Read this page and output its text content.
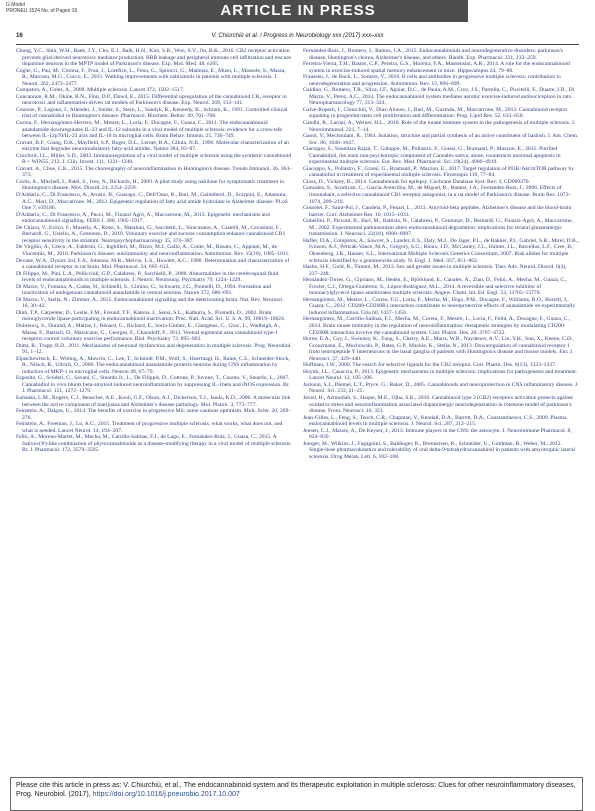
G Model
PRONEU 1524 No. of Pages 19	ARTICLE IN PRESS
V. Chiurchiù et al. / Progress in Neurobiology xxx (2017) xxx–xxx
16

Chung, Y.C., Shin, W.H., Baek, J.Y., Cho, E.J., Baik, H.H., Kim, S.R., Won, S.Y., Jin, B.K., 2016. CB2 receptor activation prevents glial-derived neurotoxic mediator production, BBB leakage and peripheral immune cell infiltration and rescues dopamine neurons in the MPTP model of Parkinson's disease. Exp. Mol. Med. 48, e205.

Coghe, G., Pau, M., Corona, F., Frau, J., Lorefice, L., Fenu, G., Spinicci, G., Mamusa, E., Musu, L., Massole, S., Massa, R., Marrosu, M.G., Cocco, E., 2015. Walking improvements with nabiximols in patients with multiple sclerosis. J. Neurol. 262, 2472–2477.

Compston, A., Coles, A., 2008. Multiple sclerosis. Lancet 372, 1502–1517.

Concannon, R.M., Okine, B.N., Finn, D.P., Dowd, E., 2015. Differential upregulation of the cannabinoid CB₂ receptor in neurotoxic and inflammation-driven rat models of Parkinson's disease. Exp. Neurol. 269, 133–141.

Consroe, P., Laguna, J., Allender, J., Snider, S., Stern, L., Sandyk, R., Kennedy, K., Schram, K., 1991. Controlled clinical trial of cannabidiol in Huntington's disease. Pharmacol. Biochem. Behav. 40, 701–708.

Correa, F., Hernangómez-Herrero, M., Mestre, L., Loría, F., Docagne, F., Guaza, C., 2011. The endocannabinoid anandamide downregulates IL-23 and IL-12 subunits in a viral model of multiple sclerosis: evidence for a cross-talk between IL-12p70/IL-23 axis and IL-10 in microglial cells. Brain Behav. Immun. 25, 736–749.

Cravatt, B.F., Giang, D.K., Mayfield, S.P., Boger, D.L., Lerner, R.A., Gilula, N.B., 1996. Molecular characterization of an enzyme that degrades neuromodulatory fatty-acid amides. Nature 384, 83–87.

Croxford, J.L., Miller, S.D., 2003. Immunoregulation of a viral model of multiple sclerosis using the synthetic cannabinoid R + WIN55, 212. J. Clin. Invest. 111, 1231–1240.

Cravatt, A., Choe, C.K., 2015. The choreography of neuroinflammation in Huntington's disease. Trends Immunol. 36, 364–373.

Curtis, A., Mitchell, I., Patel, S., Ives, N., Rickards, H., 2009. A pilot study using nabilone for symptomatic treatment in Huntington's disease. Mov. Disord. 24, 2254–2259.

D'Addario, C., Di Francesco, A., Arosio, B., Gussago, C., Dell'Osso, B., Bari, M., Galimberti, D., Scarpini, E., Altamura, A.C., Mari, D., Maccarrone, M., 2012. Epigenetic regulation of fatty acid amide hydrolase in Alzheimer disease. PLoS One 7, e39186.

D'Addario, C., Di Francesco, A., Pucci, M., Finazzi Agrò, A., Maccarrone, M., 2013. Epigenetic mechanisms and endocannabinoid signalling. FEBS J. 280, 1905–1917.

De Chiara, V., Errico, F., Musella, A., Rossi, S., Mataluni, G., Sacchetti, L., Siracusano, A., Castelli, M., Cavasinni, F., Bernardi, G., Usiello, A., Centonze, D., 2010. Voluntary exercise and sucrose consumption enhance cannabinoid CB1 receptor sensitivity in the striatum. Neuropsychopharmacology 35, 374–387.

De Virgilio, A., Greco, A., Fabbrini, G., Inghilleri, M., Rizzo, M.I., Gallo, A., Conte, M., Rosato, C., Appiani, M., de Vincentiis, M., 2016. Parkinson's disease: autoimmunity and neuroinflammation. Autoimmun. Rev. 15(10), 1005–1011.

Devane, W.A., Dysarz 3rd, F.A., Johnson, M.R., Melvin, L.S., Howlett, A.C., 1988. Determination and characterization of a cannabinoid receptor in rat brain. Mol. Pharmacol. 34, 605–613.

Di Filippo, M., Pini, L.A., Pelliccioli, G.P., Calabresi, P., Sarchielli, P., 2008. Abnormalities in the cerebrospinal fluid levels of endocannabinoids in multiple sclerosis. J. Neurol. Neurosurg. Psychiatry 79, 1224–1229.

Di Marzo, V., Fontana, A., Cadas, H., Schinelli, S., Cimino, G., Schwartz, J.C., Piomelli, D., 1994. Formation and inactivation of endogenous cannabinoid anandamide in central neurons. Nature 372, 686–691.

Di Marzo, V., Stella, N., Zimmer, A., 2015. Endocannabinoid signalling and the deteriorating brain. Nat. Rev. Neurosci. 16, 30–42.

Dinh, T.P., Carpenter, D., Leslie, F.M., Freund, T.F., Katona, I., Sensi, S.L., Kathuria, S., Piomelli, D., 2002. Brain monoglyceride lipase participating in endocannabinoid inactivation. Proc. Natl. Acad. Sci. U. S. A. 99, 10819–10824.

Dubreucq, S., Durand, A., Matias, I., Bénard, G., Richard, E., Soria-Gomez, E., Glangetas, C., Groc, L., Wadleigh, A., Massa, F., Bartsch, D., Marsicano, G., Georges, F., Chaouloff, F., 2013. Ventral tegmental area cannabinoid type-1 receptors control voluntary exercise performance. Biol. Psychiatry 73, 895–903.

Dutta, R., Trapp, B.D., 2011. Mechanisms of neuronal dysfunction and degeneration in multiple sclerosis. Prog. Neurobiol. 93, 1–12.

Eljaschewitsch, E., Witting, A., Mawrin, C., Lee, T., Schmidt, P.M., Wolf, S., Hoertnagl, H., Raine, C.S., Schneider-Stock, R., Nitsch, R., Ullrich, O., 2006. The endocannabinoid anandamide protects neurons during CNS inflammation by induction of MKP-1 in microglial cells. Neuron 49, 67–79.

Esposito, G., Scuderi, C., Savani, C., Steardo Jr., L., De Filippis, D., Cottone, P., Iuvone, T., Cuomo, V., Steardo, L., 2007. Cannabidiol in vivo blunts beta-amyloid induced neuroinflammation by suppressing IL-1beta and iNOS expression. Br. J. Pharmacol. 151, 1272–1279.

Eubanks, L.M., Rogers, C.J., Beuscher, A.E., Koob, G.F., Olson, A.J., Dickerson, T.J., Janda, K.D., 2006. A molecular link between the active component of marijuana and Alzheimer's disease pathology. Mol. Pharm. 3, 773–777.

Feinstein, A., Dalgas, U., 2014. The benefits of exercise in progressive MS: some cautious optimism. Mult. Scler. 20, 269–270.

Feinstein, A., Freeman, J., Lo, A.C., 2015. Treatment of progressive multiple sclerosis: what works, what does not, and what is needed. Lancet Neurol. 14, 194–207.

Fellö, A., Moreno-Martet, M., Mecha, M., Carrillo-Salinas, F.J., de Lago, E., Fernández-Ruiz, J., Guaza, C., 2015. A Sativex(®)-like combination of phytocannabinoids as a disease-modifying therapy in a viral model of multiple sclerosis. Br. J. Pharmacol. 172, 3579–3595.

Fernández-Ruiz, J., Romero, J., Ramos, J.A., 2015. Endocannabinoids and neurodegenerative disorders: parkinson's disease, Huntington's chorea, Alzheimer's disease, and others. Handb. Exp. Pharmacol. 231, 233–259.

Ferreira-Vieira, T.H., Bastos, C.P., Pereira, G.S., Moreira, F.A., Massensini, A.R., 2014. A role for the endocannabinoid system in exercise-induced spatial memory enhancement in mice. Hippocampus 24, 79–88.

Fraussen, J., de Bock, L., Somers, V., 2016. B cells and antibodies in progressive multiple sclerosis: contribution to neurodegeneration and progression. Autoimmun. Rev. 15, 896–899.

Galdino, G., Romero, T.R., Silva, J.F., Aguiar, D.C., de Paula, A.M., Cruz, J.S., Parrella, C., Piscitelli, F., Duarte, I.D., Di Marzo, V., Perez, A.C., 2014. The endocannabinoid system mediates aerobic exercise-induced antinociception in rats. Neuropharmacology 77, 313–324.

Galve-Roperh, I., Chiurchiù, V., Díaz-Alonso, J., Bari, M., Guzmán, M., Maccarrone, M., 2013. Cannabinoid receptor signaling in progenitor/stem cell proliferation and differentiation. Prog. Lipid Res. 52, 633–650.

Gandhi, R., Laroni, A., Weiner, H.L., 2010. Role of the innate immune system in the pathogenesis of multiple sclerosis. J. Neuroimmunol. 221, 7–14.

Gaoni, Y., Mechoulam, R., 1964. Isolation, structure and partial synthesis of an active constituent of hashish. J. Am. Chem. Soc. 86, 1646–1647.

Giacoppo, S., Soundara Rajan, T., Galuppo, M., Pollastro, F., Grassi, G., Bramanti, P., Mazzon, E., 2015. Purified Cannabidiol, the main non-psychotropic component of Cannabis sativa, alone, counteracts neuronal apoptosis in experimental multiple sclerosis. Eur. Rev. Med. Pharmacol. Sci. 19(24), 4906–4919.

Giacoppo, S., Pollastro, F., Grassi, G., Bramanti, P., Mazzon, E., 2017. Target regulation of PI3K/Akt/mTOR pathway by cannabidiol in treatment of experimental multiple sclerosis. Fitoterapia 116, 77–84.

Gloss, D., Vickrey, B., 2014. Cannabinoids for epilepsy. Cochrane Database Syst. Rev. 3, CD009270.

Gonzalez, S., Scorticati, C., García-Arencibia, M., de Miguel, R., Ramos, J.A., Fernández-Ruiz, J., 2006. Effects of rimonabant, a selective cannabinoid CB1 receptor antagonist, in a rat model of Parkinson's disease. Brain Res. 1073–1074, 209–219.

Gosselet, F., Saint-Pol, J., Candela, P., Fenart, L., 2013. Amyloid-beta peptides, Alzheimer's disease and the blood-brain barrier. Curr. Alzheimer Res. 10, 1015–1033.

Gubellini, P., Picconi, B., Bari, M., Battista, N., Calabresi, P., Centonze, D., Bernardi, G., Finazzi-Agrò, A., Maccarrone, M., 2002. Experimental parkinsonism alters endocannabinoid degradation: implications for striatal glutamatergic transmission. J. Neurosci. 22(16), 6900–6907.

Hafler, D.A., Compston, A., Sawcer, S., Lander, E.S., Daly, M.J., De Jager, P.L., de Bakker, P.I., Gabriel, S.B., Mirel, D.B., Ivinson, A.J., Pericak-Vance, M.A., Gregory, S.G., Rioux, J.D., McCauley, J.L., Haines, J.L., Barcellos, L.F., Cree, B., Oksenberg, J.R., Hauser, S.L., International Multiple Sclerosis Genetics Consortium, 2007. Risk alleles for multiple sclerosis identified by a genomewide study. N. Engl. J. Med. 357, 851–862.

Hasbo, H.F., Gold, R., Tintoré, M., 2013. Sex and gender issues in multiple sclerosis. Ther. Adv. Neurol. Disord. 6(4), 237–248.

Hernández-Torres, G., Cipriano, M., Hedén, E., Björklund, E., Canales, Á., Zian, D., Feliú, A., Mecha, M., Guaza, C., Fowler, C.J., Ortega-Gutiérrez, S., López-Rodríguez, M.L., 2014. A reversible and selective inhibitor of monoacylglycerol lipase ameliorates multiple sclerosis. Angew. Chem. Int. Ed. Engl. 53, 13765–13770.

Hernangómez, M., Mestre, L., Correa, F.G., Loría, F., Mecha, M., Iñigo, P.M., Docagne, F., Williams, R.O., Borrell, J., Guaza, C., 2012. CD200-CD200R1 interaction contributes to neuroprotective effects of anandamide on experimentally induced inflammation. Glia 60, 1437–1450.

Hernangómez, M., Carrillo-Salinas, F.J., Mecha, M., Correa, F., Mestre, L., Loría, F., Feliú, A., Docagne, F., Guaza, C., 2014. Brain innate immunity in the regulation of neuroinflammation: therapeutic strategies by modulating CD200-CD200R interaction involve the cannabinoid system. Curr. Pharm. Des. 20, 4707–4722.

Horne, E.A., Coy, J., Swinney, K., Fung, S., Cherry, A.E., Marrs, W.R., Naydenov, A.V., Lin, Y.H., Sun, X., Keene, C.D., Grouzmann, E., Muchowski, P., Bates, G.P., Mackie, K., Stella, N., 2013. Downregulation of cannabinoid receptor 1 from neuropeptide Y interneurons in the basal ganglia of patients with Huntington's disease and mouse models. Eur. J. Neurosci. 37, 429–440.

Huffman, J.W., 2000. The search for selective ligands for the CB2 receptor. Curr. Pharm. Des. 6(13), 1323–1337.

Huynh, J.L., Casaccia, P., 2013. Epigenetic mechanisms in multiple sclerosis: implications for pathogenesis and treatment. Lancet Neurol. 12, 195–206.

Jackson, S.J., Diemel, L.T., Pryce, G., Baker, D., 2005. Cannabinoids and neuroprotection in CNS inflammatory disease. J. Neurol. Sci. 233, 21–25.

Javed, H., Azimullah, S., Haque, M.E., Ojha, S.K., 2016. Cannabinoid type 2 (CB2) receptors activation protects against oxidative stress and neuroinflammation associated dopaminergic neurodegeneration in rotenone model of parkinson's disease. Front. Neurosci. 10, 321.

Jean-Gilles, L., Feng, S., Tench, C.R., Chapman, V., Kendall, D.A., Barrett, D.A., Constantinescu, C.S., 2009. Plasma endocannabinoid levels in multiple sclerosis. J. Neurol. Sci. 287, 212–215.

Jensen, C.J., Massie, A., De Keyser, J., 2013. Immune players in the CNS: the astrocyte. J. Neuroimmune Pharmacol. 8, 824–839.

Joerger, M., Wilkins, J., Fagagnini, S., Baldinger, R., Brenneisen, R., Schneider, U., Goldman, B., Weber, M., 2012. Single-dose pharmacokinetics and tolerability of oral delta-9-tetrahydrocannabinol in patients with amyotrophic lateral sclerosis. Drug Metab. Lett. 6, 102–108.

Please cite this article in press as: V. Chiurchiù, et al., The endocannabinoid system and its therapeutic exploitation in multiple sclerosis: Clues for other neuroinflammatory diseases, Prog. Neurobiol. (2017), https://doi.org/10.1016/j.pneurobio.2017.10.007
